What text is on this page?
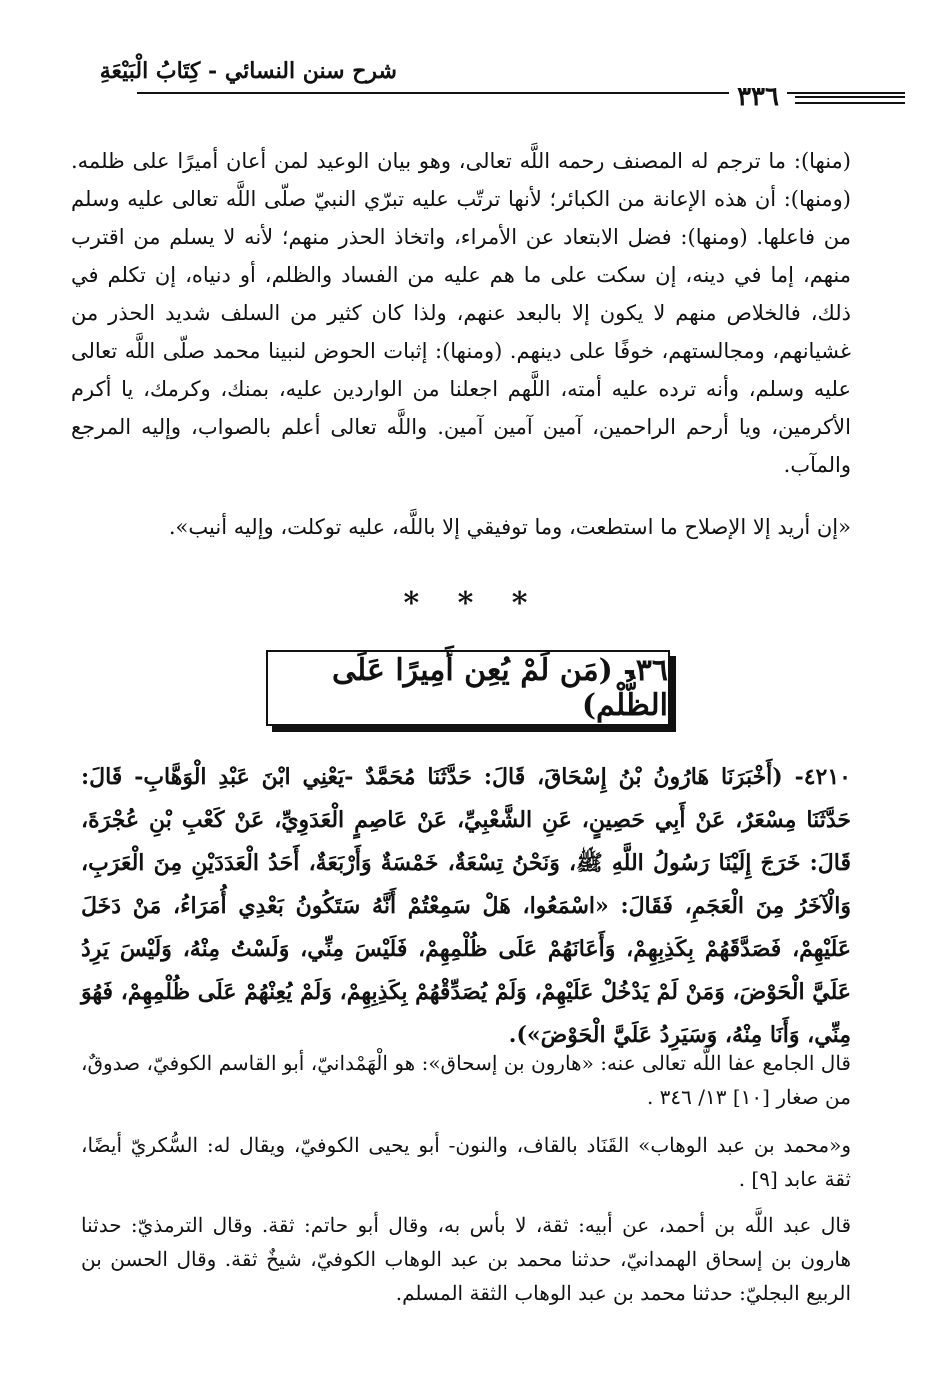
شرح سنن النسائي - كِتَابُ الْبَيْعَةِ
٣٣٦
(منها): ما ترجم له المصنف رحمه اللَّه تعالى، وهو بيان الوعيد لمن أعان أميرًا على ظلمه. (ومنها): أن هذه الإعانة من الكبائر؛ لأنها ترتّب عليه تبرّي النبيّ صلّى اللَّه تعالى عليه وسلم من فاعلها. (ومنها): فضل الابتعاد عن الأمراء، واتخاذ الحذر منهم؛ لأنه لا يسلم من اقترب منهم، إما في دينه، إن سكت على ما هم عليه من الفساد والظلم، أو دنياه، إن تكلم في ذلك، فالخلاص منهم لا يكون إلا بالبعد عنهم، ولذا كان كثير من السلف شديد الحذر من غشيانهم، ومجالستهم، خوفًا على دينهم. (ومنها): إثبات الحوض لنبينا محمد صلّى اللَّه تعالى عليه وسلم، وأنه ترده عليه أمته، اللَّهم اجعلنا من الواردين عليه، بمنك، وكرمك، يا أكرم الأكرمين، ويا أرحم الراحمين، آمين آمين آمين. واللَّه تعالى أعلم بالصواب، وإليه المرجع والمآب.
«إن أريد إلا الإصلاح ما استطعت، وما توفيقي إلا باللَّه، عليه توكلت، وإليه أنيب».
* * *
٣٦- (مَن لَمْ يُعِن أَمِيرًا عَلَى الظُّلْم)
٤٢١٠- (أَخْبَرَنَا هَارُونُ بْنُ إِسْحَاقَ، قَالَ: حَدَّثَنَا مُحَمَّدٌ -يَعْنِي ابْنَ عَبْدِ الْوَهَّابِ- قَالَ: حَدَّثَنَا مِسْعَرٌ، عَنْ أَبِي حَصِينٍ، عَنِ الشَّعْبِيِّ، عَنْ عَاصِمٍ الْعَدَوِيِّ، عَنْ كَعْبِ بْنِ عُجْرَةَ، قَالَ: خَرَجَ إِلَيْنَا رَسُولُ اللَّهِ ﷺ، وَنَحْنُ تِسْعَةٌ، خَمْسَةٌ وَأَرْبَعَةٌ، أَحَدُ الْعَدَدَيْنِ مِنَ الْعَرَبِ، وَالْآخَرُ مِنَ الْعَجَمِ، فَقَالَ: «اسْمَعُوا، هَلْ سَمِعْتُمْ أَنَّهُ سَتَكُونُ بَعْدِي أُمَرَاءُ، مَنْ دَخَلَ عَلَيْهِمْ، فَصَدَّقَهُمْ بِكَذِبِهِمْ، وَأَعَانَهُمْ عَلَى ظُلْمِهِمْ، فَلَيْسَ مِنِّي، وَلَسْتُ مِنْهُ، وَلَيْسَ يَرِدُ عَلَيَّ الْحَوْضَ، وَمَنْ لَمْ يَدْخُلْ عَلَيْهِمْ، وَلَمْ يُصَدِّقْهُمْ بِكَذِبِهِمْ، وَلَمْ يُعِنْهُمْ عَلَى ظُلْمِهِمْ، فَهُوَ مِنِّي، وَأَنَا مِنْهُ، وَسَيَرِدُ عَلَيَّ الْحَوْضَ»).
قال الجامع عفا اللَّه تعالى عنه: «هارون بن إسحاق»: هو الْهَمْدانيّ، أبو القاسم الكوفيّ، صدوقٌ، من صغار [١٠] ١٣/ ٣٤٦ .
و«محمد بن عبد الوهاب» القَنَاد بالقاف، والنون- أبو يحيى الكوفيّ، ويقال له: السُّكريّ أيضًا، ثقة عابد [٩] .
قال عبد اللَّه بن أحمد، عن أبيه: ثقة، لا بأس به، وقال أبو حاتم: ثقة. وقال الترمذيّ: حدثنا هارون بن إسحاق الهمدانيّ، حدثنا محمد بن عبد الوهاب الكوفيّ، شيخٌ ثقة. وقال الحسن بن الربيع البجليّ: حدثنا محمد بن عبد الوهاب الثقة المسلم.
